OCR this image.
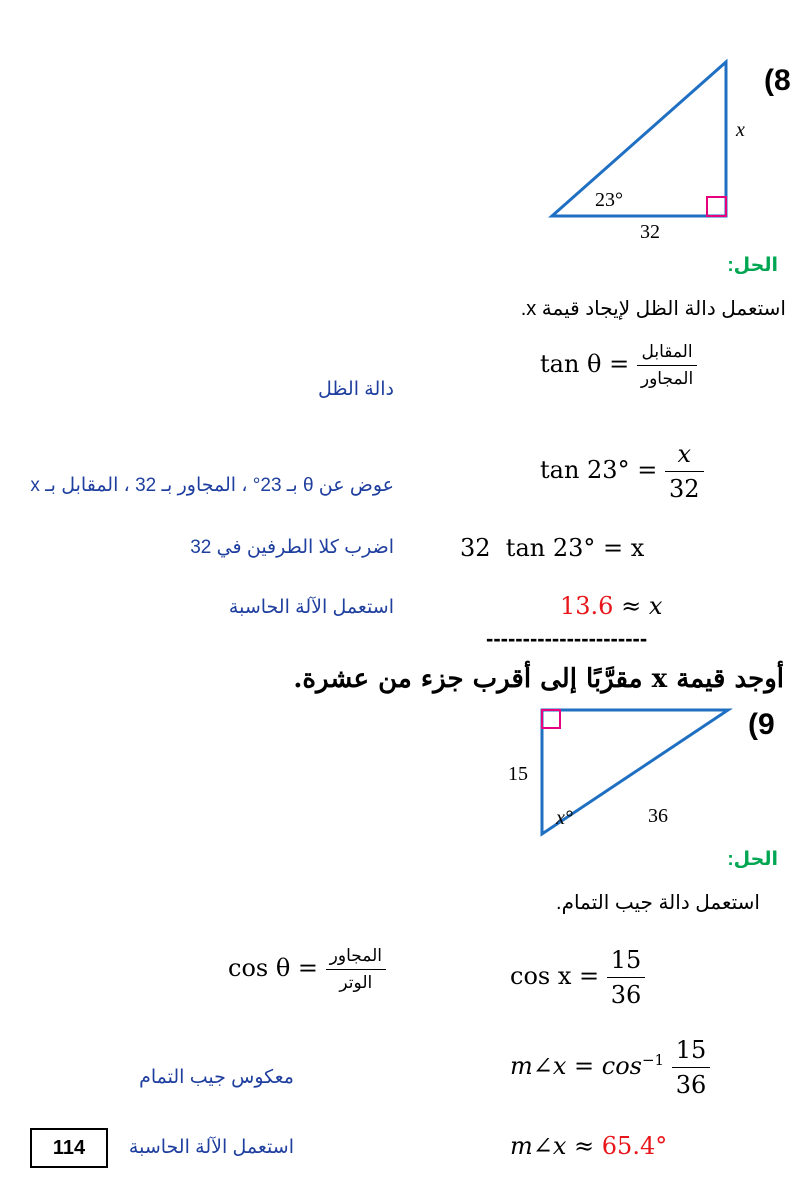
(8
23°
32
x
الحل:
استعمل دالة الظل لإيجاد قيمة x.
دالة الظل
$\tan \theta = \frac{\text{المقابل}}{\text{المجاور}}$
عوض عن θ بـ 23° ، المجاور بـ 32 ، المقابل بـ x
$\tan 23^\circ = \frac{x}{32}$
اضرب كلا الطرفين في 32	32  tan 23° = x
استعمل الآلة الحاسبة	13.6 ≈ x
----------------------
أوجد قيمة x مقرَّبًا إلى أقرب جزء من عشرة.
(9
15
36
x°
الحل:
استعمل دالة جيب التمام.
$\cos \theta = \frac{\text{المجاور}}{\text{الوتر}}$	$\cos x = \frac{15}{36}$
معكوس جيب التمام	m∠x = $\cos^{-1} \frac{15}{36}$
استعمل الآلة الحاسبة	m∠x ≈ 65.4°
114
